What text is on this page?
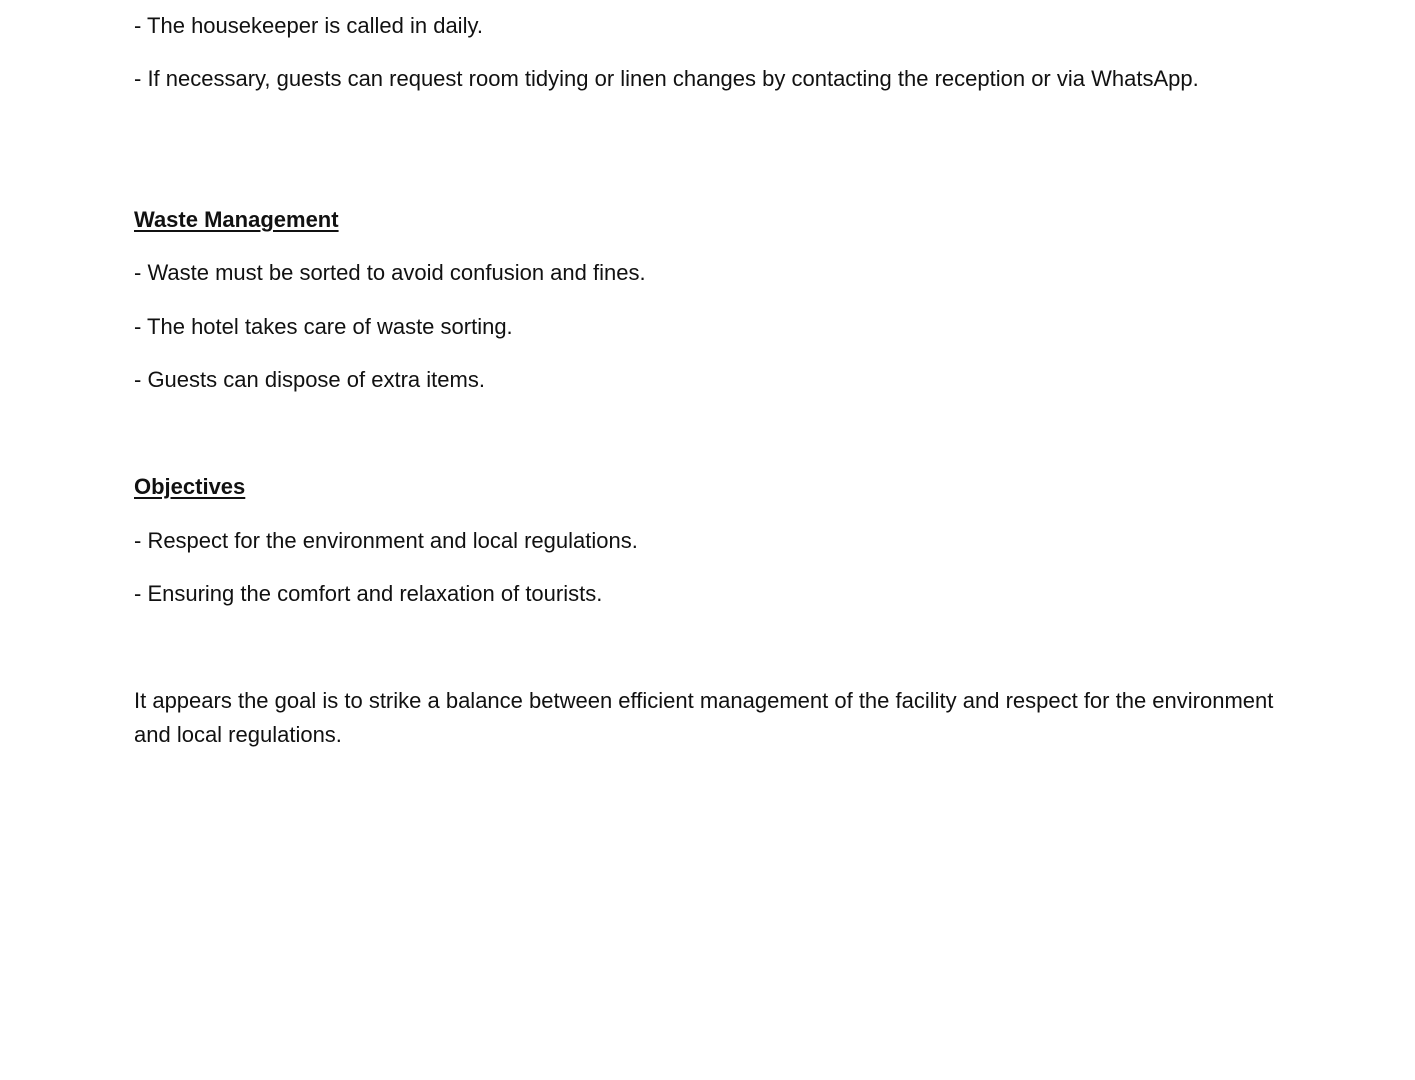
- The housekeeper is called in daily.
- If necessary, guests can request room tidying or linen changes by contacting the reception or via WhatsApp.
Waste Management
- Waste must be sorted to avoid confusion and fines.
- The hotel takes care of waste sorting.
- Guests can dispose of extra items.
Objectives
- Respect for the environment and local regulations.
- Ensuring the comfort and relaxation of tourists.
It appears the goal is to strike a balance between efficient management of the facility and respect for the environment and local regulations.
